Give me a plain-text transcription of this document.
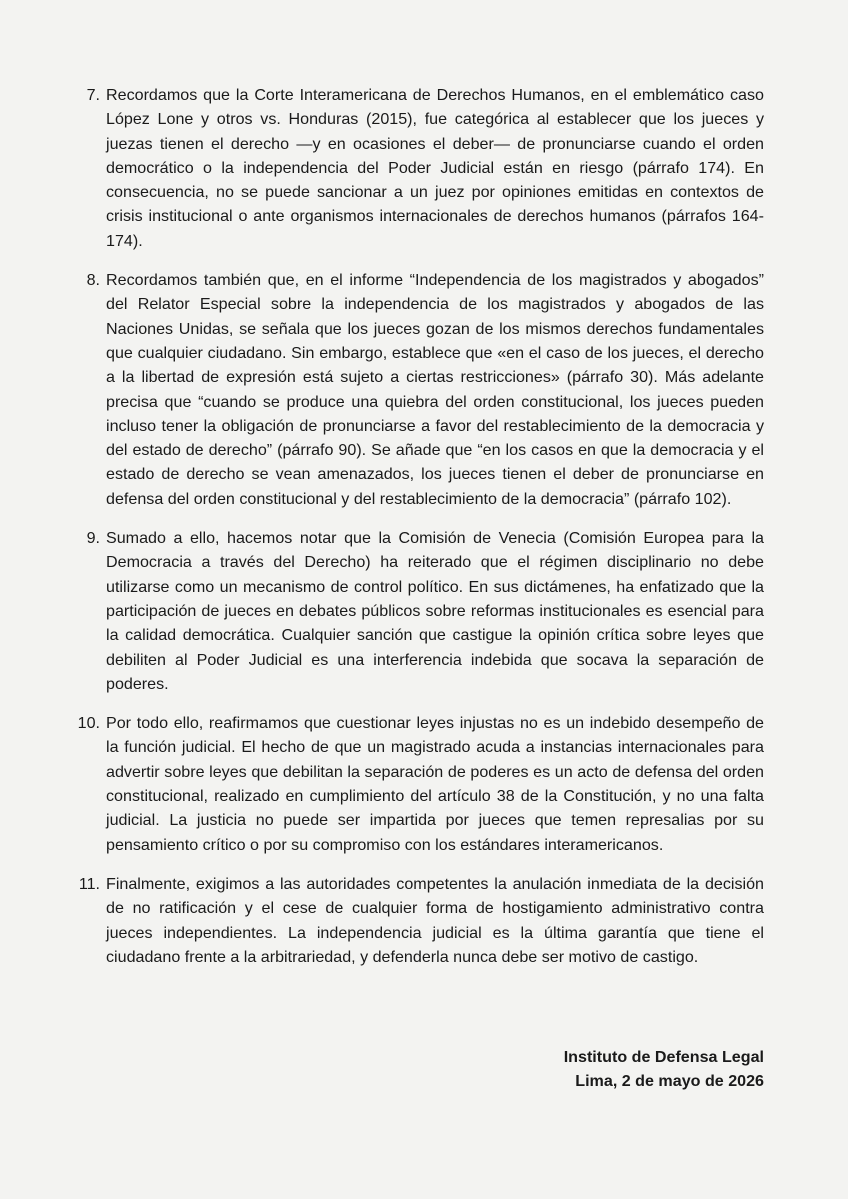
7. Recordamos que la Corte Interamericana de Derechos Humanos, en el emblemático caso López Lone y otros vs. Honduras (2015), fue categórica al establecer que los jueces y juezas tienen el derecho —y en ocasiones el deber— de pronunciarse cuando el orden democrático o la independencia del Poder Judicial están en riesgo (párrafo 174). En consecuencia, no se puede sancionar a un juez por opiniones emitidas en contextos de crisis institucional o ante organismos internacionales de derechos humanos (párrafos 164-174).
8. Recordamos también que, en el informe “Independencia de los magistrados y abogados” del Relator Especial sobre la independencia de los magistrados y abogados de las Naciones Unidas, se señala que los jueces gozan de los mismos derechos fundamentales que cualquier ciudadano. Sin embargo, establece que «en el caso de los jueces, el derecho a la libertad de expresión está sujeto a ciertas restricciones» (párrafo 30). Más adelante precisa que “cuando se produce una quiebra del orden constitucional, los jueces pueden incluso tener la obligación de pronunciarse a favor del restablecimiento de la democracia y del estado de derecho” (párrafo 90). Se añade que “en los casos en que la democracia y el estado de derecho se vean amenazados, los jueces tienen el deber de pronunciarse en defensa del orden constitucional y del restablecimiento de la democracia” (párrafo 102).
9. Sumado a ello, hacemos notar que la Comisión de Venecia (Comisión Europea para la Democracia a través del Derecho) ha reiterado que el régimen disciplinario no debe utilizarse como un mecanismo de control político. En sus dictámenes, ha enfatizado que la participación de jueces en debates públicos sobre reformas institucionales es esencial para la calidad democrática. Cualquier sanción que castigue la opinión crítica sobre leyes que debiliten al Poder Judicial es una interferencia indebida que socava la separación de poderes.
10. Por todo ello, reafirmamos que cuestionar leyes injustas no es un indebido desempeño de la función judicial. El hecho de que un magistrado acuda a instancias internacionales para advertir sobre leyes que debilitan la separación de poderes es un acto de defensa del orden constitucional, realizado en cumplimiento del artículo 38 de la Constitución, y no una falta judicial. La justicia no puede ser impartida por jueces que temen represalias por su pensamiento crítico o por su compromiso con los estándares interamericanos.
11. Finalmente, exigimos a las autoridades competentes la anulación inmediata de la decisión de no ratificación y el cese de cualquier forma de hostigamiento administrativo contra jueces independientes. La independencia judicial es la última garantía que tiene el ciudadano frente a la arbitrariedad, y defenderla nunca debe ser motivo de castigo.
Instituto de Defensa Legal
Lima, 2 de mayo de 2026
